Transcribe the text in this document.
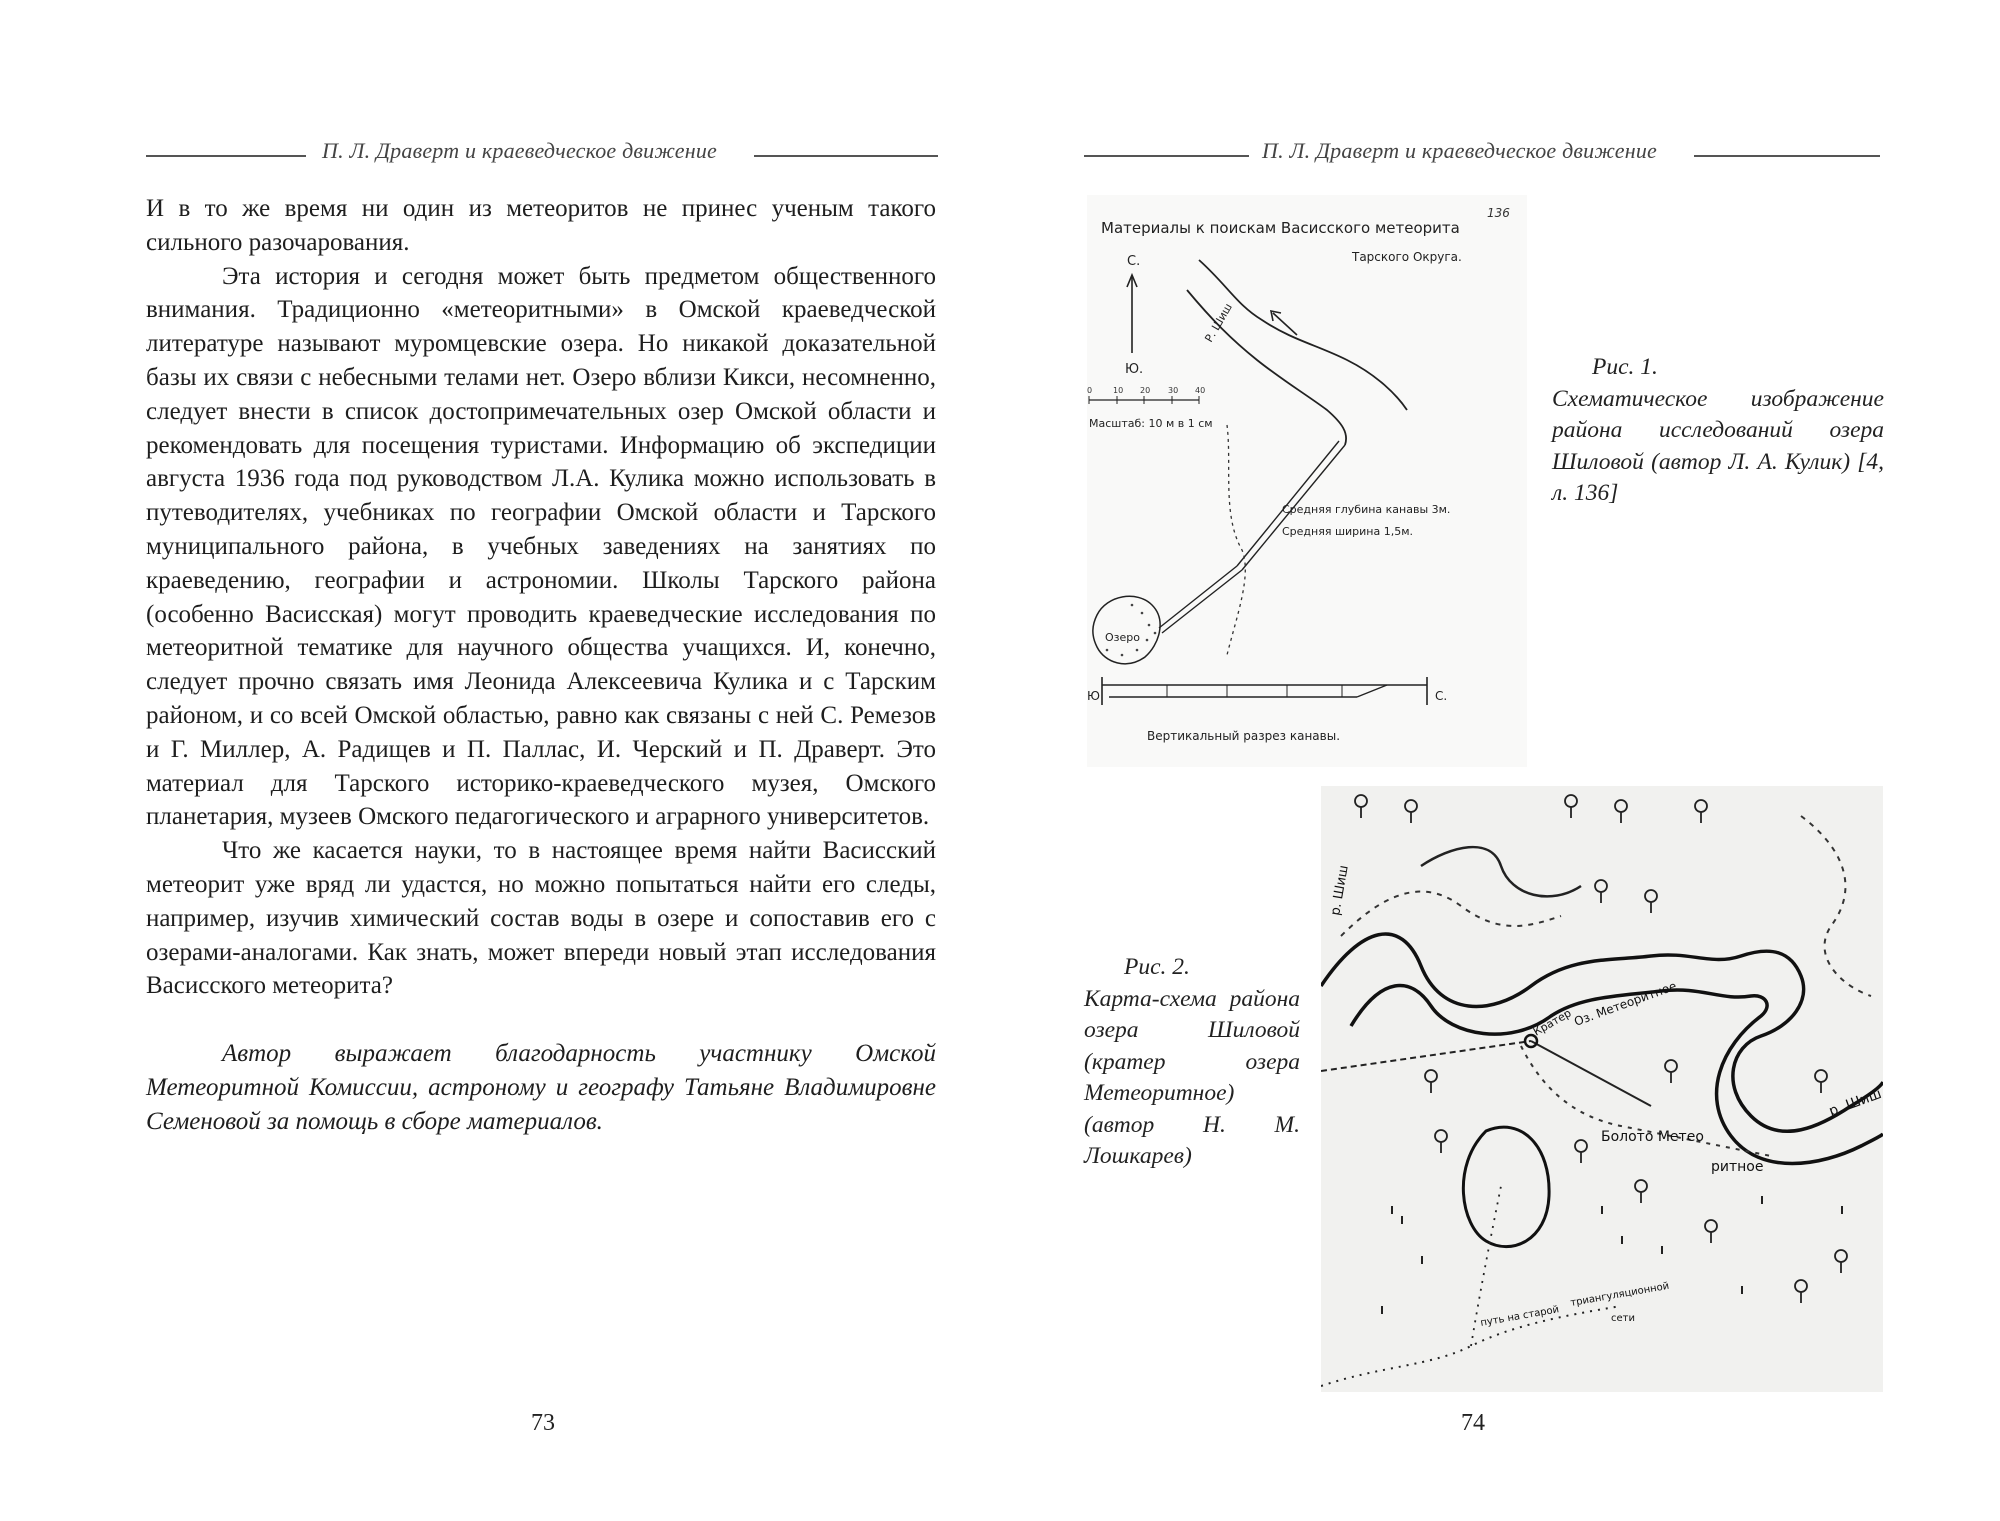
П. Л. Драверт и краеведческое движение

И в то же время ни один из метеоритов не принес ученым такого сильного разочарования.

Эта история и сегодня может быть предметом общественного внимания. Традиционно «метеоритными» в Омской краеведческой литературе называют муромцевские озера. Но никакой доказательной базы их связи с небесными телами нет. Озеро вблизи Кикси, несомненно, следует внести в список достопримечательных озер Омской области и рекомендовать для посещения туристами. Информацию об экспедиции августа 1936 года под руководством Л.А. Кулика можно использовать в путеводителях, учебниках по географии Омской области и Тарского муниципального района, в учебных заведениях на занятиях по краеведению, географии и астрономии. Школы Тарского района (особенно Васисская) могут проводить краеведческие исследования по метеоритной тематике для научного общества учащихся. И, конечно, следует прочно связать имя Леонида Алексеевича Кулика и с Тарским районом, и со всей Омской областью, равно как связаны с ней С. Ремезов и Г. Миллер, А. Радищев и П. Паллас, И. Черский и П. Драверт. Это материал для Тарского историко-краеведческого музея, Омского планетария, музеев Омского педагогического и аграрного университетов.

Что же касается науки, то в настоящее время найти Васисский метеорит уже вряд ли удастся, но можно попытаться найти его следы, например, изучив химический состав воды в озере и сопоставив его с озерами-аналогами. Как знать, может впереди новый этап исследования Васисского метеорита?

Автор выражает благодарность участнику Омской Метеоритной Комиссии, астроному и географу Татьяне Владимировне Семеновой за помощь в сборе материалов.

73
П. Л. Драверт и краеведческое движение
Материалы к поискам Васисского метеорита
Тарского Округа.
136
С.
Ю.
0	10 20 30 40
Масштаб: 10 м в 1 см
Р. Шиш
Средняя глубина канавы 3м.
Средняя ширина 1,5м.
Озеро
Ю	С.
Вертикальный разрез канавы.
Рис. 1.
Схематическое изображение района исследований озера Шиловой (автор Л. А. Кулик) [4, л. 136]
р. Шиш
р. Шиш
Кратер
Оз. Метеоритное
Болото Метео
ритное
путь на старой
триангуляционной
сети
Рис. 2.
Карта-схема района озера Шиловой (кратер озера Метеоритное) (автор Н. М. Лошкарев)
74
